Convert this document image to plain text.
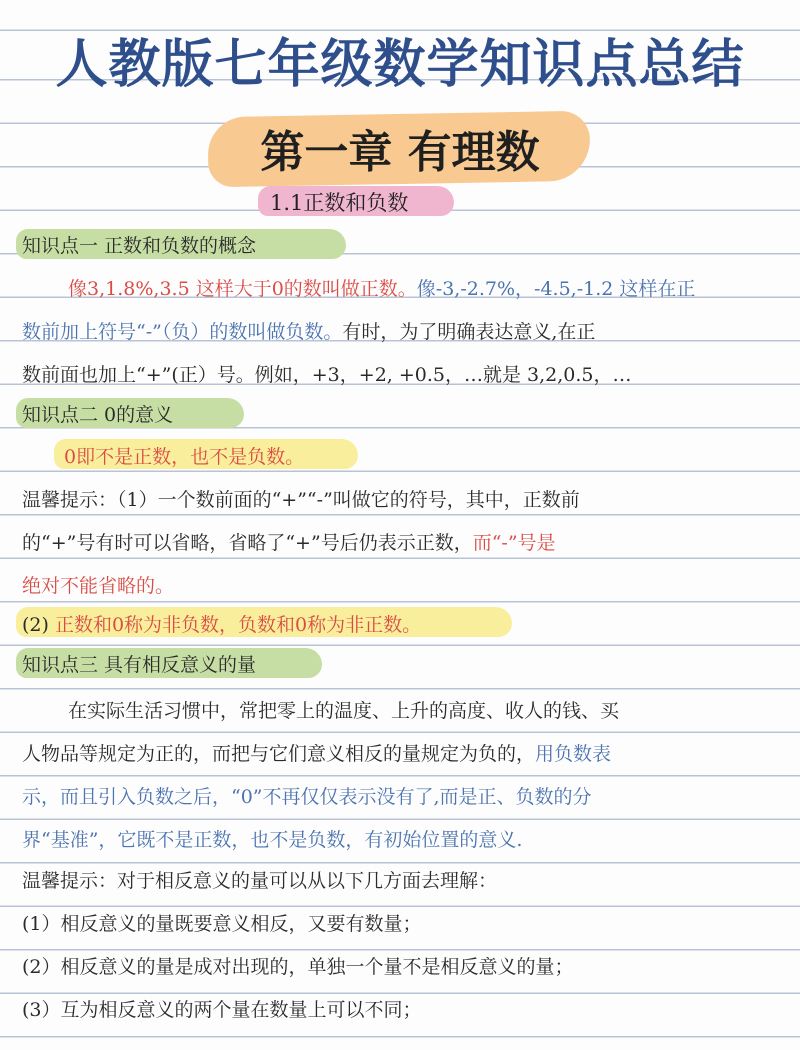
人教版七年级数学知识点总结
第一章 有理数
1.1正数和负数
知识点一 正数和负数的概念
像3,1.8%,3.5 这样大于0的数叫做正数。像-3,-2.7%，-4.5,-1.2 这样在正
数前加上符号“-”（负）的数叫做负数。有时，为了明确表达意义,在正
数前面也加上“+”(正）号。例如，+3，+2, +0.5，…就是 3,2,0.5，…
知识点二 0的意义
0即不是正数，也不是负数。
温馨提示：（1）一个数前面的“+”“-”叫做它的符号，其中，正数前
的“+”号有时可以省略，省略了“+”号后仍表示正数，而“-”号是
绝对不能省略的。
(2) 正数和0称为非负数，负数和0称为非正数。
知识点三 具有相反意义的量
在实际生活习惯中，常把零上的温度、上升的高度、收人的钱、买
人物品等规定为正的，而把与它们意义相反的量规定为负的，用负数表
示，而且引入负数之后，“0”不再仅仅表示没有了,而是正、负数的分
界“基准”，它既不是正数，也不是负数，有初始位置的意义.
温馨提示：对于相反意义的量可以从以下几方面去理解：
(1）相反意义的量既要意义相反，又要有数量；
(2）相反意义的量是成对出现的，单独一个量不是相反意义的量；
(3）互为相反意义的两个量在数量上可以不同；
